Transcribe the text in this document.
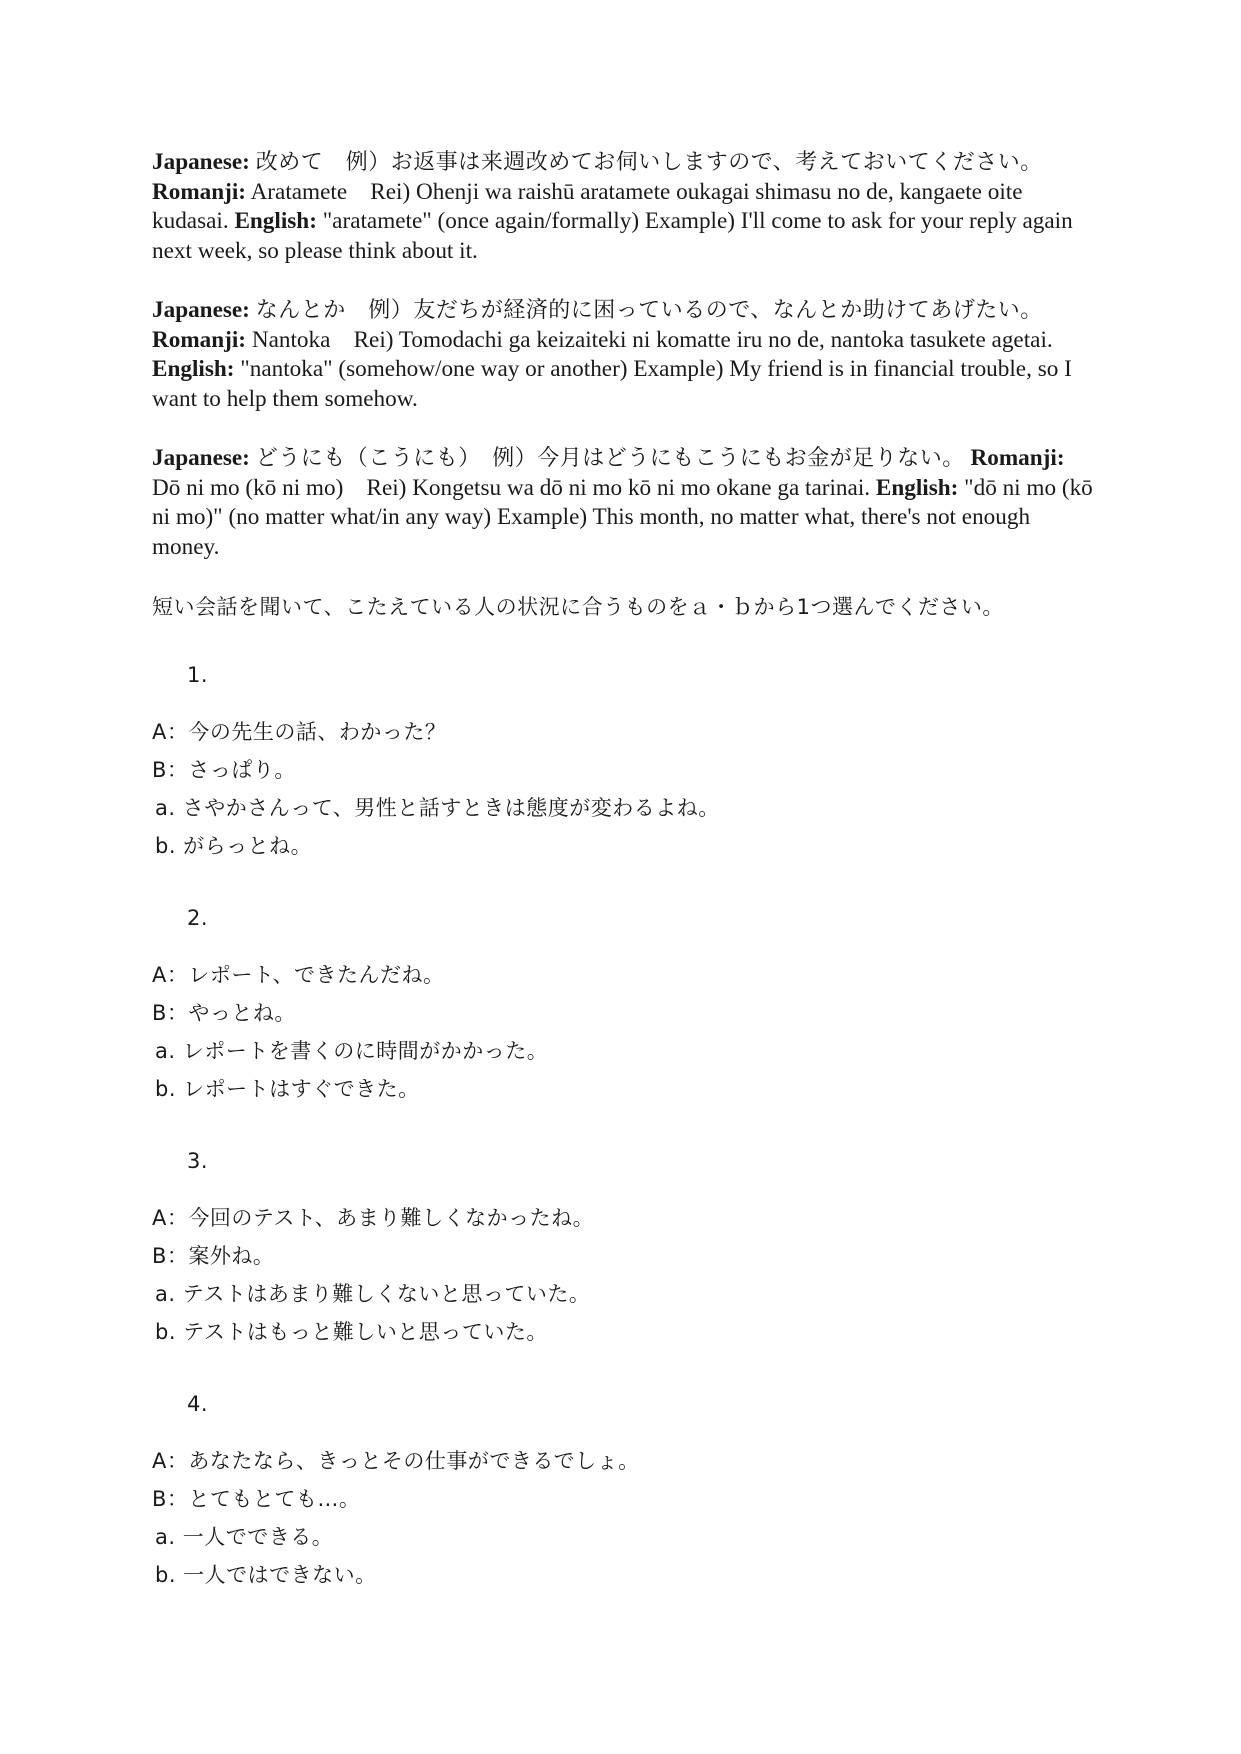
Japanese: 改めて　例）お返事は来週改めてお伺いしますので、考えておいてください。 Romanji: Aratamete　Rei) Ohenji wa raishū aratamete oukagai shimasu no de, kangaete oite kudasai. English: "aratamete" (once again/formally) Example) I'll come to ask for your reply again next week, so please think about it.

Japanese: なんとか　例）友だちが経済的に困っているので、なんとか助けてあげたい。 Romanji: Nantoka　Rei) Tomodachi ga keizaiteki ni komatte iru no de, nantoka tasukete agetai. English: "nantoka" (somehow/one way or another) Example) My friend is in financial trouble, so I want to help them somehow.

Japanese: どうにも（こうにも）　例）今月はどうにもこうにもお金が足りない。 Romanji: Dō ni mo (kō ni mo)　Rei) Kongetsu wa dō ni mo kō ni mo okane ga tarinai. English: "dō ni mo (kō ni mo)" (no matter what/in any way) Example) This month, no matter what, there's not enough money.

短い会話を聞いて、こたえている人の状況に合うものをａ・ｂから1つ選んでください。

1.
A：今の先生の話、わかった？
B：さっぱり。
a. さやかさんって、男性と話すときは態度が変わるよね。
b. がらっとね。
2.
A：レポート、できたんだね。
B：やっとね。
a. レポートを書くのに時間がかかった。
b. レポートはすぐできた。
3.
A：今回のテスト、あまり難しくなかったね。
B：案外ね。
a. テストはあまり難しくないと思っていた。
b. テストはもっと難しいと思っていた。
4.
A：あなたなら、きっとその仕事ができるでしょ。
B：とてもとても…。
a. 一人でできる。
b. 一人ではできない。
